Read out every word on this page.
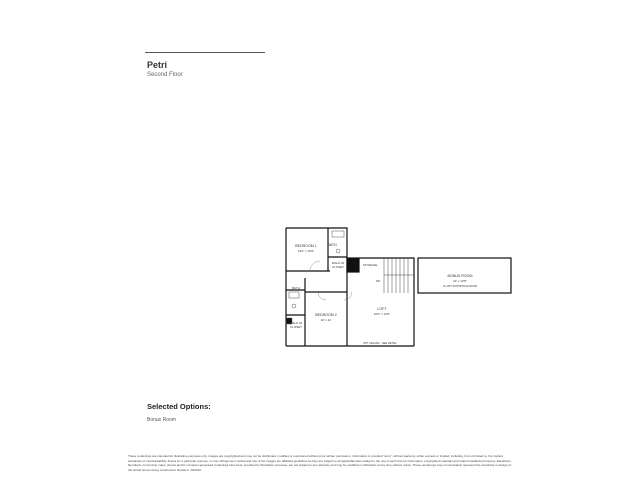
Petri
Second Floor
BEDROOM 1
13'0" x 16'0"
BATH
WALK-IN
CLOSET	STORAGE
BONUS ROOM
22' x 12'8"
& LOFT WITH BONUS ROOM
BATH
BEDROOM 2
10' x 11'
WALK-IN
CLOSET
LOFT
16'0" x 12'0"
DN
OPT CEILING - SEE DETAIL
Selected Options:
Bonus Room
These renderings are intended for illustrative purposes only. Images are copyrighted and may not be distributed, modified or reproduced without prior written permission. Information is provided "as is", without warranty, either express or implied, including, but not limited to, the implied warranties of merchantability, fitness for a particular purpose, or non-infringement. Actual and use of the images are affiliated guidelines as they are subject to all applicable laws related to the use of each home's information, copyrighted materials and related intellectual property. Elevations, floorplans, community maps, photos and/or computer-generated renderings have been provided for illustrative purposes, are not subject to any warranty and may be modified or withdrawn at any time without notice. These renderings may not accurately represent the sensitivity or design of the actual homes being constructed. Revision: 10/2022
